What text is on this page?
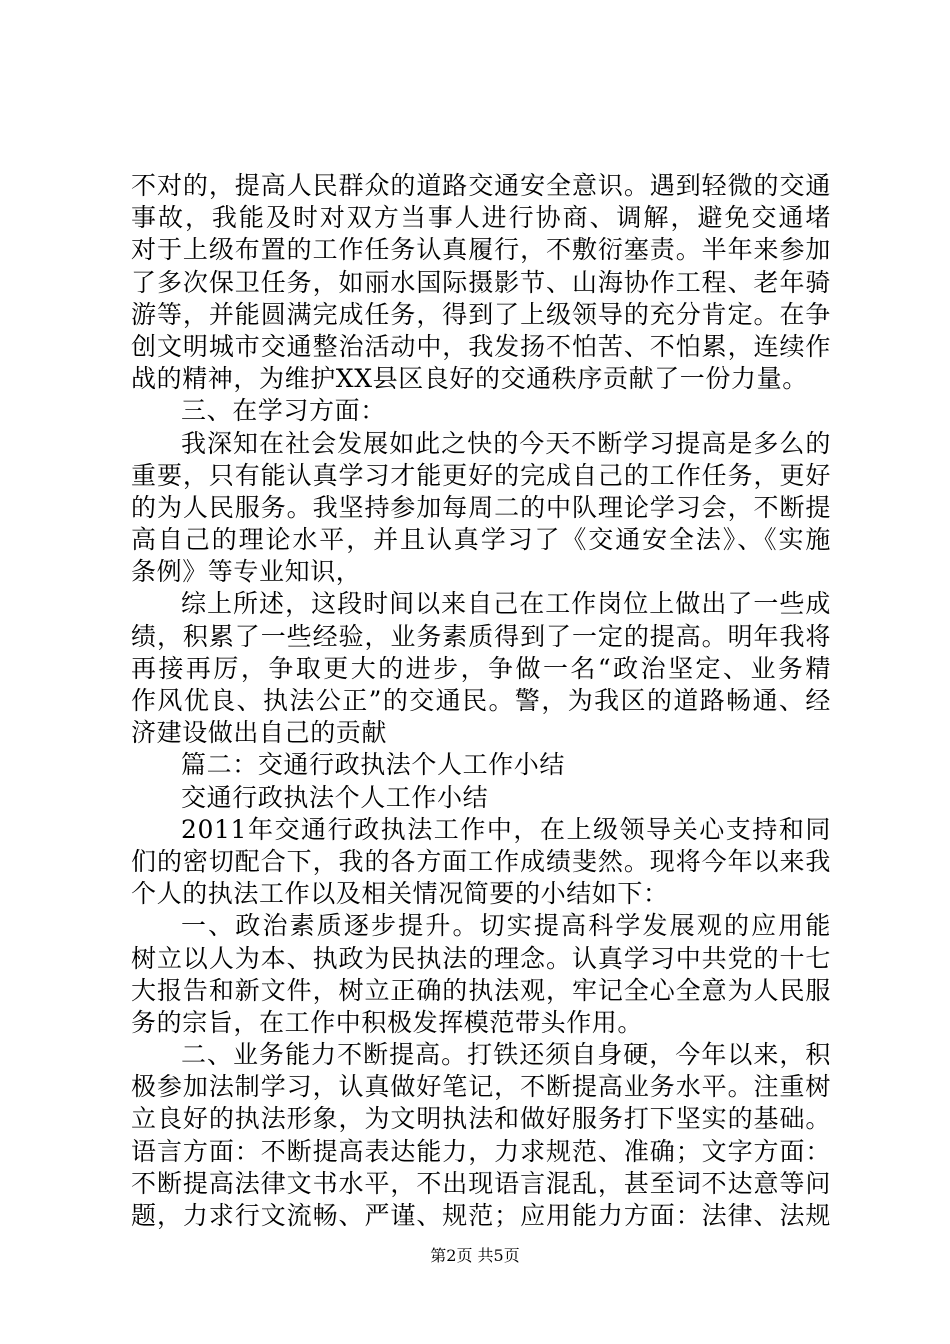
不对的，提高人民群众的道路交通安全意识。遇到轻微的交通
事故，我能及时对双方当事人进行协商、调解，避免交通堵
对于上级布置的工作任务认真履行，不敷衍塞责。半年来参加
了多次保卫任务，如丽水国际摄影节、山海协作工程、老年骑
游等，并能圆满完成任务，得到了上级领导的充分肯定。在争
创文明城市交通整治活动中，我发扬不怕苦、不怕累，连续作
战的精神，为维护XX县区良好的交通秩序贡献了一份力量。
三、在学习方面：
我深知在社会发展如此之快的今天不断学习提高是多么的
重要，只有能认真学习才能更好的完成自己的工作任务，更好
的为人民服务。我坚持参加每周二的中队理论学习会，不断提
高自己的理论水平，并且认真学习了《交通安全法》、《实施
条例》等专业知识，
综上所述，这段时间以来自己在工作岗位上做出了一些成
绩，积累了一些经验，业务素质得到了一定的提高。明年我将
再接再厉，争取更大的进步，争做一名“政治坚定、业务精
作风优良、执法公正”的交通民。警，为我区的道路畅通、经
济建设做出自己的贡献
篇二：交通行政执法个人工作小结
交通行政执法个人工作小结
2011年交通行政执法工作中，在上级领导关心支持和同
们的密切配合下，我的各方面工作成绩斐然。现将今年以来我
个人的执法工作以及相关情况简要的小结如下：
一、政治素质逐步提升。切实提高科学发展观的应用能
树立以人为本、执政为民执法的理念。认真学习中共党的十七
大报告和新文件，树立正确的执法观，牢记全心全意为人民服
务的宗旨，在工作中积极发挥模范带头作用。
二、业务能力不断提高。打铁还须自身硬，今年以来，积
极参加法制学习，认真做好笔记，不断提高业务水平。注重树
立良好的执法形象，为文明执法和做好服务打下坚实的基础。
语言方面：不断提高表达能力，力求规范、准确；文字方面：
不断提高法律文书水平，不出现语言混乱，甚至词不达意等问
题，力求行文流畅、严谨、规范；应用能力方面：法律、法规
第2页 共5页
